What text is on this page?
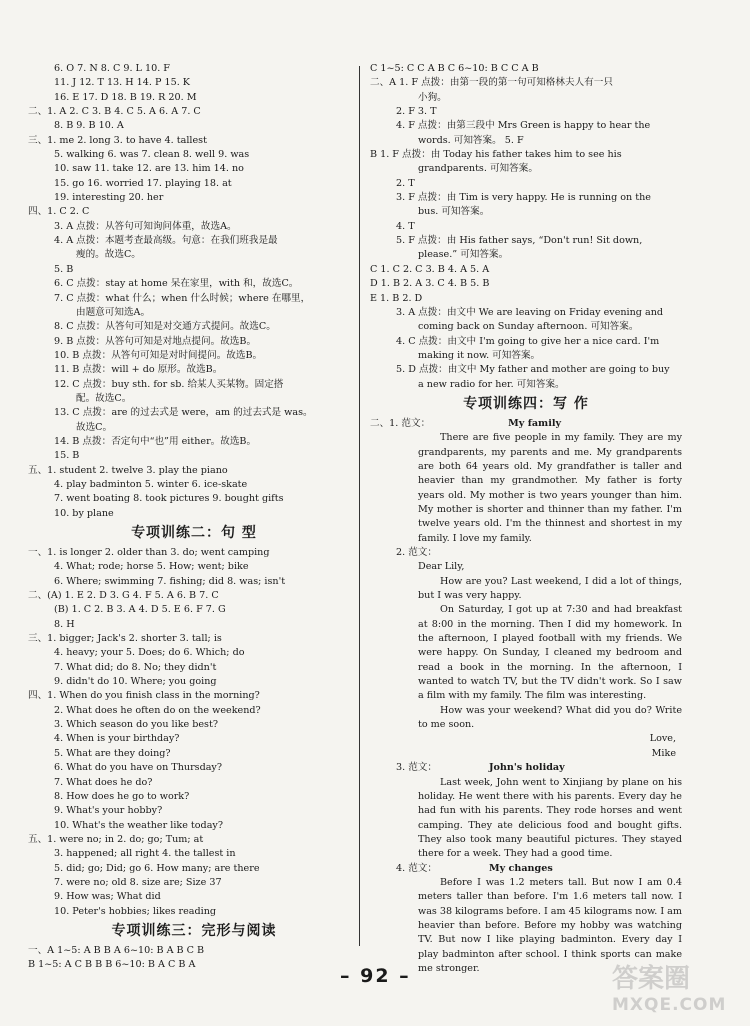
6. O 7. N 8. C 9. L 10. F
11. J 12. T 13. H 14. P 15. K
16. E 17. D 18. B 19. R 20. M
二、1. A 2. C 3. B 4. C 5. A 6. A 7. C
8. B 9. B 10. A
三、1. me 2. long 3. to have 4. tallest
5. walking 6. was 7. clean 8. well 9. was
10. saw 11. take 12. are 13. him 14. no
15. go 16. worried 17. playing 18. at
19. interesting 20. her
四、1. C 2. C
3. A 点拨：从答句可知询问体重，故选A。
4. A 点拨：本题考查最高级。句意：在我们班我是最
瘦的。故选C。
5. B
6. C 点拨：stay at home 呆在家里，with 和，故选C。
7. C 点拨：what 什么；when 什么时候；where 在哪里，
由题意可知选A。
8. C 点拨：从答句可知是对交通方式提问。故选C。
9. B 点拨：从答句可知是对地点提问。故选B。
10. B 点拨：从答句可知是对时间提问。故选B。
11. B 点拨：will + do 原形。故选B。
12. C 点拨：buy sth. for sb. 给某人买某物。固定搭
配。故选C。
13. C 点拨：are 的过去式是 were，am 的过去式是 was。
故选C。
14. B 点拨：否定句中“也”用 either。故选B。
15. B
五、1. student 2. twelve 3. play the piano
4. play badminton 5. winter 6. ice-skate
7. went boating 8. took pictures 9. bought gifts
10. by plane
专项训练二：句 型
一、1. is longer 2. older than 3. do; went camping
4. What; rode; horse 5. How; went; bike
6. Where; swimming 7. fishing; did 8. was; isn't
二、(A) 1. E 2. D 3. G 4. F 5. A 6. B 7. C
(B) 1. C 2. B 3. A 4. D 5. E 6. F 7. G
8. H
三、1. bigger; Jack's 2. shorter 3. tall; is
4. heavy; your 5. Does; do 6. Which; do
7. What did; do 8. No; they didn't
9. didn't do 10. Where; you going
四、1. When do you finish class in the morning?
2. What does he often do on the weekend?
3. Which season do you like best?
4. When is your birthday?
5. What are they doing?
6. What do you have on Thursday?
7. What does he do?
8. How does he go to work?
9. What's your hobby?
10. What's the weather like today?
五、1. were no; in 2. do; go; Tum; at
3. happened; all right 4. the tallest in
5. did; go; Did; go 6. How many; are there
7. were no; old 8. size are; Size 37
9. How was; What did
10. Peter's hobbies; likes reading
专项训练三：完形与阅读
一、A 1~5: A B B A 6~10: B A B C B
B 1~5: A C B B B 6~10: B A C B A
C 1~5: C C A B C 6~10: B C C A B
二、A 1. F 点拨：由第一段的第一句可知格林夫人有一只
小狗。
2. F 3. T
4. F 点拨：由第三段中 Mrs Green is happy to hear the
words. 可知答案。 5. F
B 1. F 点拨：由 Today his father takes him to see his
grandparents. 可知答案。
2. T
3. F 点拨：由 Tim is very happy. He is running on the
bus. 可知答案。
4. T
5. F 点拨：由 His father says, “Don't run! Sit down,
please.” 可知答案。
C 1. C 2. C 3. B 4. A 5. A
D 1. B 2. A 3. C 4. B 5. B
E 1. B 2. D
3. A 点拨：由文中 We are leaving on Friday evening and
coming back on Sunday afternoon. 可知答案。
4. C 点拨：由文中 I'm going to give her a nice card. I'm
making it now. 可知答案。
5. D 点拨：由文中 My father and mother are going to buy
a new radio for her. 可知答案。
专项训练四：写 作
二、1. 范文：	My family

There are five people in my family. They are my grandparents, my parents and me. My grandparents are both 64 years old. My grandfather is taller and heavier than my grandmother. My father is forty years old. My mother is two years younger than him. My mother is shorter and thinner than my father. I'm twelve years old. I'm the thinnest and shortest in my family. I love my family.

2. 范文：

Dear Lily,

How are you? Last weekend, I did a lot of things, but I was very happy.

On Saturday, I got up at 7:30 and had breakfast at 8:00 in the morning. Then I did my homework. In the afternoon, I played football with my friends. We were happy. On Sunday, I cleaned my bedroom and read a book in the morning. In the afternoon, I wanted to watch TV, but the TV didn't work. So I saw a film with my family. The film was interesting.

How was your weekend? What did you do? Write to me soon.

Love,

Mike

3. 范文：	John's holiday

Last week, John went to Xinjiang by plane on his holiday. He went there with his parents. Every day he had fun with his parents. They rode horses and went camping. They ate delicious food and bought gifts. They also took many beautiful pictures. They stayed there for a week. They had a good time.

4. 范文：	My changes

Before I was 1.2 meters tall. But now I am 0.4 meters taller than before. I'm 1.6 meters tall now. I was 38 kilograms before. I am 45 kilograms now. I am heavier than before. Before my hobby was watching TV. But now I like playing badminton. Every day I play badminton after school. I think sports can make me stronger.

– 92 –	答案圈
MXQE.COM
